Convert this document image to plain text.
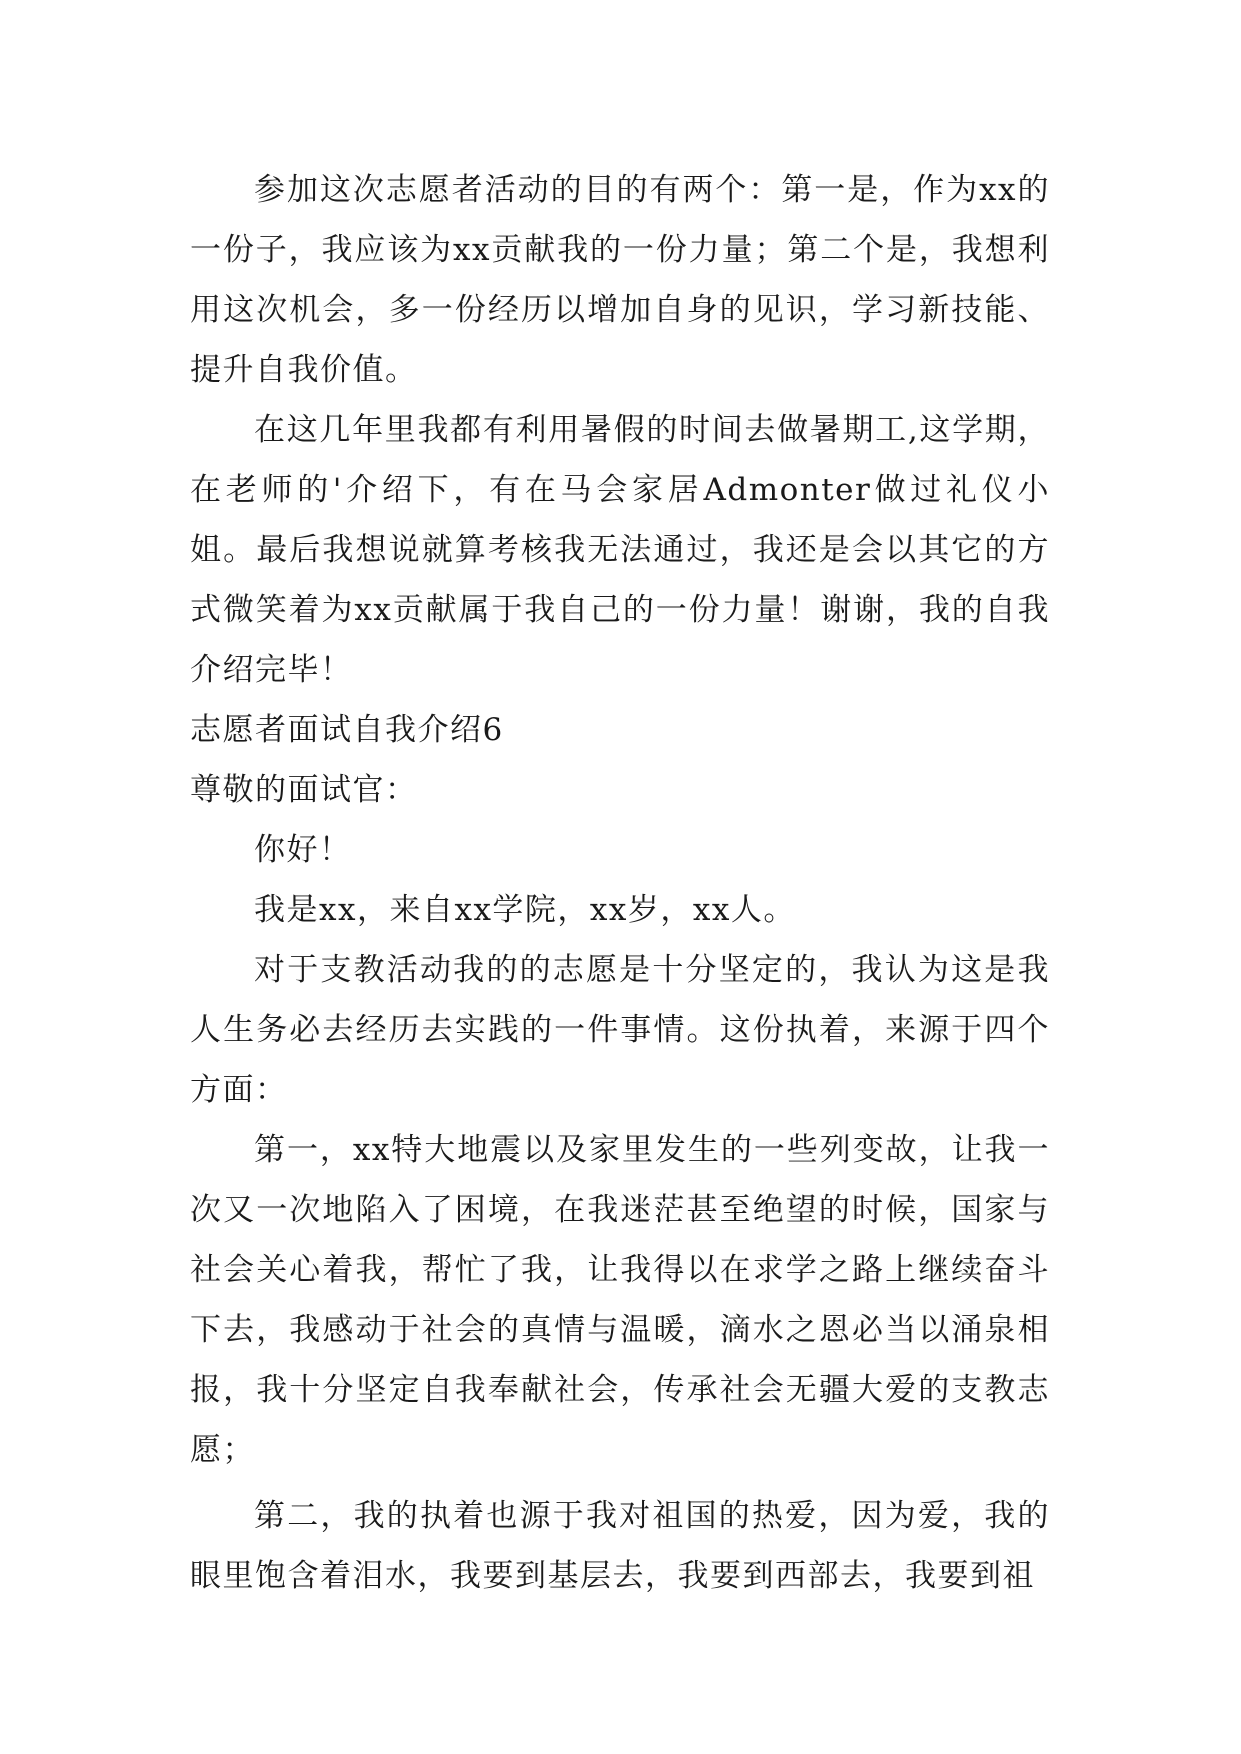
参加这次志愿者活动的目的有两个：第一是，作为xx的一份子，我应该为xx贡献我的一份力量；第二个是，我想利用这次机会，多一份经历以增加自身的见识，学习新技能、提升自我价值。

在这几年里我都有利用暑假的时间去做暑期工,这学期，在老师的'介绍下，有在马会家居Admonter做过礼仪小姐。最后我想说就算考核我无法通过，我还是会以其它的方式微笑着为xx贡献属于我自己的一份力量！谢谢，我的自我介绍完毕！

志愿者面试自我介绍6

尊敬的面试官：

你好！

我是xx，来自xx学院，xx岁，xx人。

对于支教活动我的的志愿是十分坚定的，我认为这是我人生务必去经历去实践的一件事情。这份执着，来源于四个方面：

第一，xx特大地震以及家里发生的一些列变故，让我一次又一次地陷入了困境，在我迷茫甚至绝望的时候，国家与社会关心着我，帮忙了我，让我得以在求学之路上继续奋斗下去，我感动于社会的真情与温暖，滴水之恩必当以涌泉相报，我十分坚定自我奉献社会，传承社会无疆大爱的支教志愿；

第二，我的执着也源于我对祖国的热爱，因为爱，我的眼里饱含着泪水，我要到基层去，我要到西部去，我要到祖
